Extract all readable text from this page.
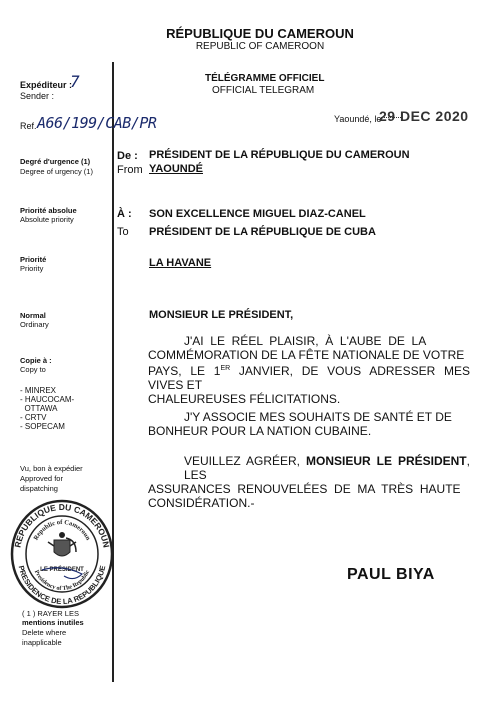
RÉPUBLIQUE DU CAMEROUN
REPUBLIC OF CAMEROON
TÉLÉGRAMME OFFICIEL
OFFICIAL TELEGRAM
Expéditeur :
Sender :
7
Ref. A66/199/CAB/PR
Degré d'urgence (1)
Degree of urgency (1)
Priorité absolue
Absolute priority
Priorité
Priority
Normal
Ordinary
Copie à :
Copy to
- MINREX
- HAUCOCAM-
OTTAWA
- CRTV
- SOPECAM
Vu, bon à expédier
Approved for
dispatching
REPUBLIQUE DU CAMEROUN
PRESIDENCE DE LA REPUBLIQUE
Republic of Cameroun
Presidency of The Republic
LE PRÉSIDENT
( 1 ) RAYER LES
mentions inutiles
Delete where
inapplicable
Yaoundé, le
29 DEC 2020
De :
From
PRÉSIDENT DE LA RÉPUBLIQUE DU CAMEROUN
YAOUNDÉ
À :
To
SON EXCELLENCE MIGUEL DIAZ-CANEL
PRÉSIDENT DE LA RÉPUBLIQUE DE CUBA
LA HAVANE
MONSIEUR LE PRÉSIDENT,
J'AI  LE  RÉEL  PLAISIR,  À  L'AUBE  DE  LA
COMMÉMORATION DE LA FÊTE NATIONALE DE VOTRE
PAYS, LE 1ER JANVIER, DE VOUS ADRESSER MES VIVES ET
CHALEUREUSES FÉLICITATIONS.
J'Y ASSOCIE MES SOUHAITS DE SANTÉ ET DE
BONHEUR POUR LA NATION CUBAINE.
VEUILLEZ AGRÉER, MONSIEUR LE PRÉSIDENT, LES
ASSURANCES  RENOUVELÉES  DE  MA  TRÈS  HAUTE
CONSIDÉRATION.-
PAUL BIYA
